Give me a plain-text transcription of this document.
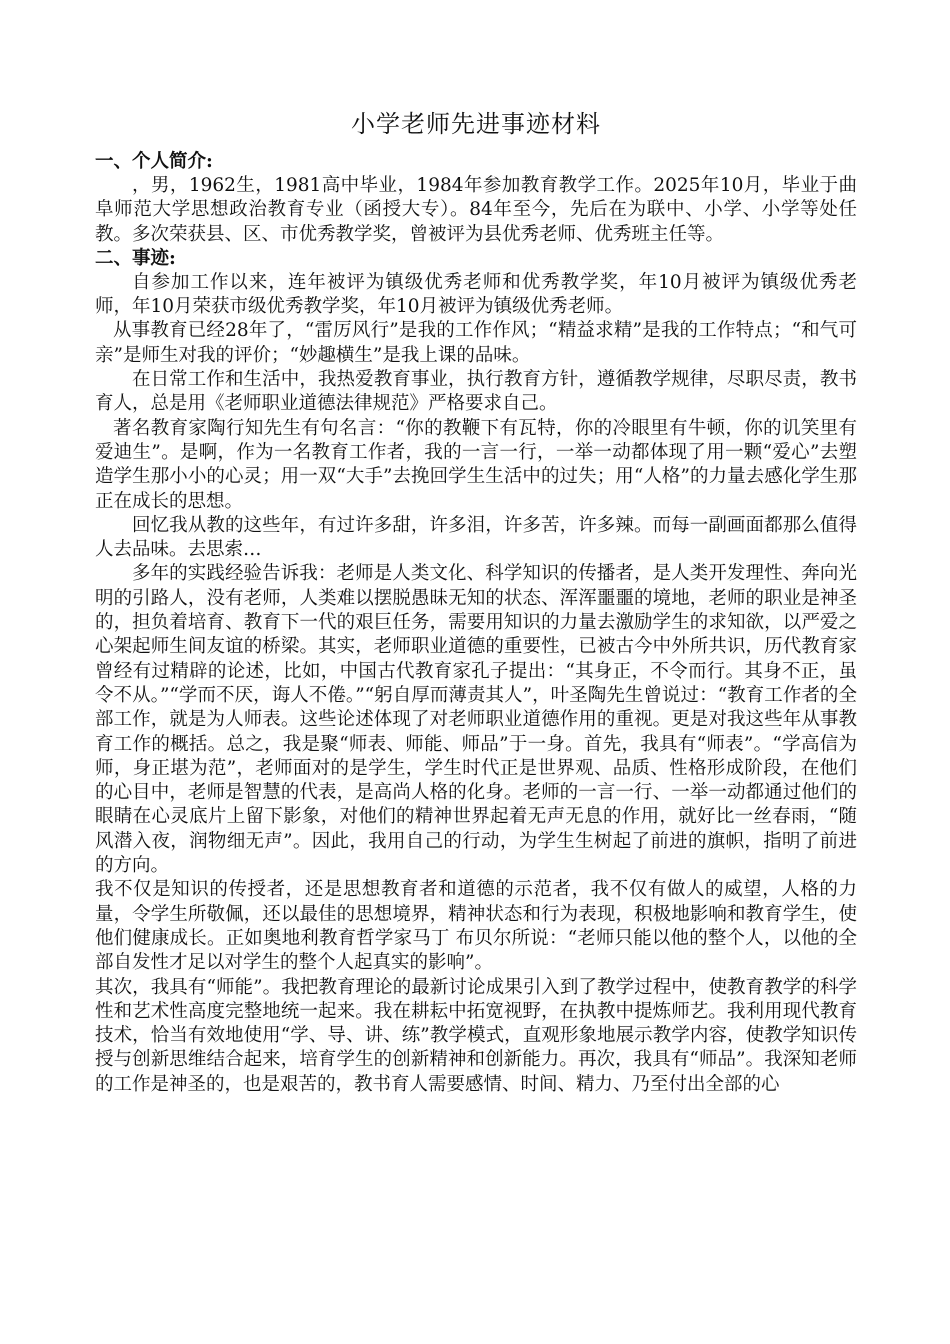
小学老师先进事迹材料
一、个人简介:

，男，1962生，1981高中毕业，1984年参加教育教学工作。2025年10月，毕业于曲阜师范大学思想政治教育专业（函授大专）。84年至今，先后在为联中、小学、小学等处任教。多次荣获县、区、市优秀教学奖，曾被评为县优秀老师、优秀班主任等。

二、事迹:

自参加工作以来，连年被评为镇级优秀老师和优秀教学奖，年10月被评为镇级优秀老师，年10月荣获市级优秀教学奖，年10月被评为镇级优秀老师。

从事教育已经28年了，“雷厉风行”是我的工作作风；“精益求精”是我的工作特点；“和气可亲”是师生对我的评价；“妙趣横生”是我上课的品味。

在日常工作和生活中，我热爱教育事业，执行教育方针，遵循教学规律，尽职尽责，教书育人，总是用《老师职业道德法律规范》严格要求自己。

著名教育家陶行知先生有句名言：“你的教鞭下有瓦特，你的冷眼里有牛顿，你的讥笑里有爱迪生”。是啊，作为一名教育工作者，我的一言一行，一举一动都体现了用一颗“爱心”去塑造学生那小小的心灵；用一双“大手”去挽回学生生活中的过失；用“人格”的力量去感化学生那正在成长的思想。

回忆我从教的这些年，有过许多甜，许多泪，许多苦，许多辣。而每一副画面都那么值得人去品味。去思索…

多年的实践经验告诉我：老师是人类文化、科学知识的传播者，是人类开发理性、奔向光明的引路人，没有老师，人类难以摆脱愚昧无知的状态、浑浑噩噩的境地，老师的职业是神圣的，担负着培育、教育下一代的艰巨任务，需要用知识的力量去激励学生的求知欲，以严爱之心架起师生间友谊的桥梁。其实，老师职业道德的重要性，已被古今中外所共识，历代教育家曾经有过精辟的论述，比如，中国古代教育家孔子提出：“其身正，不令而行。其身不正，虽令不从。”“学而不厌，诲人不倦。”“躬自厚而薄责其人”，叶圣陶先生曾说过：“教育工作者的全部工作，就是为人师表。这些论述体现了对老师职业道德作用的重视。更是对我这些年从事教育工作的概括。总之，我是聚“师表、师能、师品”于一身。首先，我具有“师表”。“学高信为师，身正堪为范”，老师面对的是学生，学生时代正是世界观、品质、性格形成阶段，在他们的心目中，老师是智慧的代表，是高尚人格的化身。老师的一言一行、一举一动都通过他们的眼睛在心灵底片上留下影象，对他们的精神世界起着无声无息的作用，就好比一丝春雨，“随风潜入夜，润物细无声”。因此，我用自己的行动，为学生生树起了前进的旗帜，指明了前进的方向。

我不仅是知识的传授者，还是思想教育者和道德的示范者，我不仅有做人的威望，人格的力量，令学生所敬佩，还以最佳的思想境界，精神状态和行为表现，积极地影响和教育学生，使他们健康成长。正如奥地利教育哲学家马丁 布贝尔所说：“老师只能以他的整个人，以他的全部自发性才足以对学生的整个人起真实的影响”。

其次，我具有“师能”。我把教育理论的最新讨论成果引入到了教学过程中，使教育教学的科学性和艺术性高度完整地统一起来。我在耕耘中拓宽视野，在执教中提炼师艺。我利用现代教育技术，恰当有效地使用“学、导、讲、练”教学模式，直观形象地展示教学内容，使教学知识传授与创新思维结合起来，培育学生的创新精神和创新能力。再次，我具有“师品”。我深知老师的工作是神圣的，也是艰苦的，教书育人需要感情、时间、精力、乃至付出全部的心
